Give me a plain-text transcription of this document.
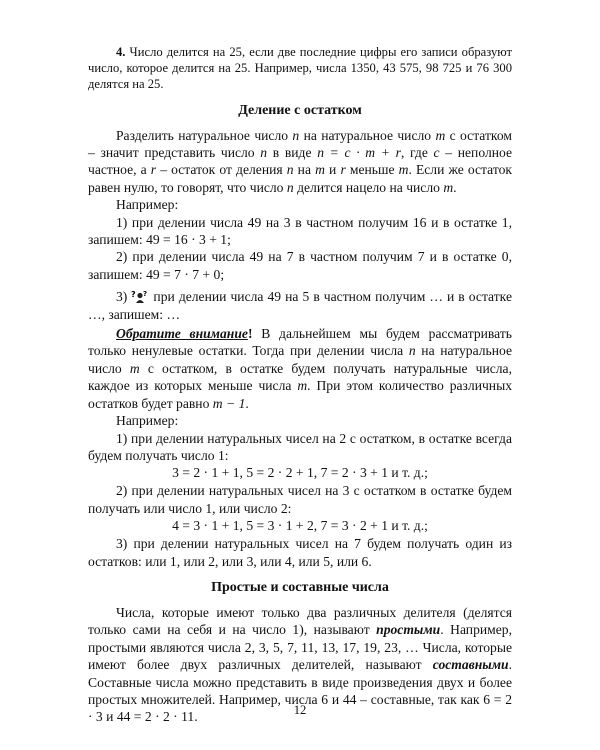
4. Число делится на 25, если две последние цифры его записи образуют число, которое делится на 25. Например, числа 1350, 43 575, 98 725 и 76 300 делятся на 25.

Деление с остатком

Разделить натуральное число n на натуральное число m с остатком – значит представить число n в виде n = c · m + r, где c – неполное частное, а r – остаток от деления n на m и r меньше m. Если же остаток равен нулю, то говорят, что число n делится нацело на число m.

Например:

1) при делении числа 49 на 3 в частном получим 16 и в остатке 1, запишем: 49 = 16 · 3 + 1;

2) при делении числа 49 на 7 в частном получим 7 и в остатке 0, запишем: 49 = 7 · 7 + 0;

3) ? ? при делении числа 49 на 5 в частном получим … и в остатке …, запишем: …

Обратите внимание! В дальнейшем мы будем рассматривать только ненулевые остатки. Тогда при делении числа n на натуральное число m с остатком, в остатке будем получать натуральные числа, каждое из которых меньше числа m. При этом количество различных остатков будет равно m − 1.

Например:

1) при делении натуральных чисел на 2 с остатком, в остатке всегда будем получать число 1:

3 = 2 · 1 + 1, 5 = 2 · 2 + 1, 7 = 2 · 3 + 1 и т. д.;

2) при делении натуральных чисел на 3 с остатком в остатке будем получать или число 1, или число 2:

4 = 3 · 1 + 1, 5 = 3 · 1 + 2, 7 = 3 · 2 + 1 и т. д.;

3) при делении натуральных чисел на 7 будем получать один из остатков: или 1, или 2, или 3, или 4, или 5, или 6.

Простые и составные числа

Числа, которые имеют только два различных делителя (делятся только сами на себя и на число 1), называют простыми. Например, простыми являются числа 2, 3, 5, 7, 11, 13, 17, 19, 23, … Числа, которые имеют более двух различных делителей, называют составными. Составные числа можно представить в виде произведения двух и более простых множителей. Например, числа 6 и 44 – составные, так как 6 = 2 · 3 и 44 = 2 · 2 · 11.	12
